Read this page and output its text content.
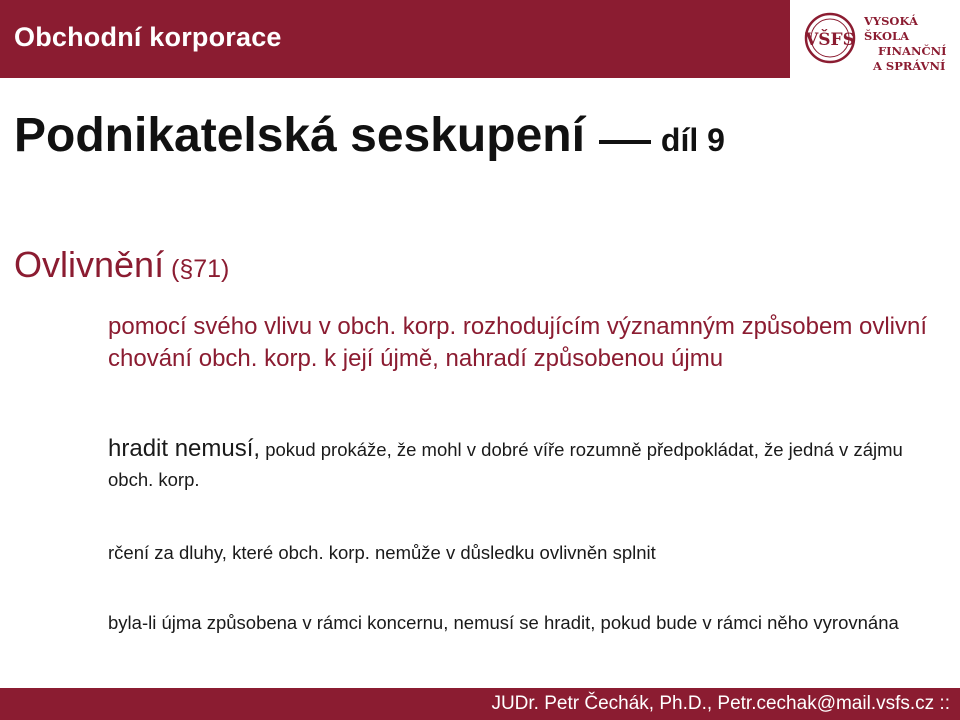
Obchodní korporace	VŠFS
VYSOKÁ ŠKOLA
FINANČNÍ
A SPRÁVNÍ
Podnikatelská seskupení díl 9
Ovlivnění (§71)

pomocí svého vlivu v obch. korp. rozhodujícím významným způsobem ovlivní chování obch. korp. k její újmě, nahradí způsobenou újmu

hradit nemusí, pokud prokáže, že mohl v dobré víře rozumně předpokládat, že jedná v zájmu obch. korp.

rčení za dluhy, které obch. korp. nemůže v důsledku ovlivněn splnit

byla-li újma způsobena v rámci koncernu, nemusí se hradit, pokud bude v rámci něho vyrovnána

JUDr. Petr Čechák, Ph.D., Petr.cechak@mail.vsfs.cz ::
